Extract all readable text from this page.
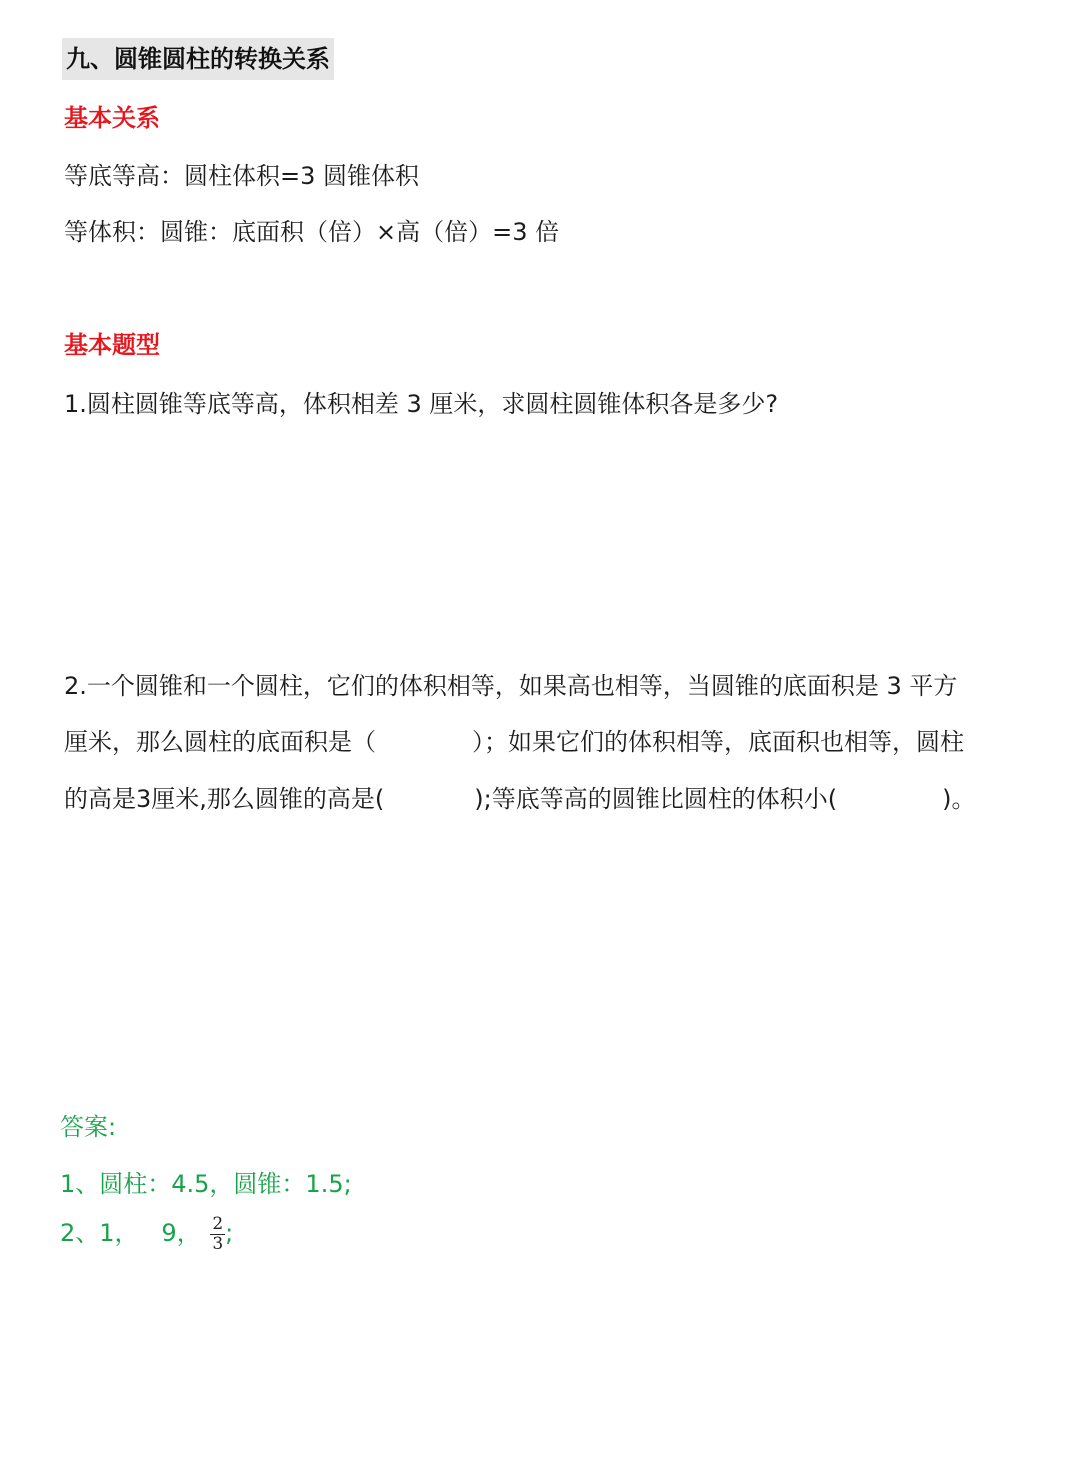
九、圆锥圆柱的转换关系
基本关系
等底等高：圆柱体积=3 圆锥体积
等体积：圆锥：底面积（倍）×高（倍）=3 倍
基本题型
1.圆柱圆锥等底等高，体积相差 3 厘米，求圆柱圆锥体积各是多少?
2.一个圆锥和一个圆柱，它们的体积相等，如果高也相等，当圆锥的底面积是 3 平方
厘米，那么圆柱的底面积是（	）；如果它们的体积相等，底面积也相等，圆柱
的高是3厘米,那么圆锥的高是(	);等底等高的圆锥比圆柱的体积小(	)。
答案:
1、圆柱：4.5，圆锥：1.5;
2、1，   9， $\frac{2}{3}$ ;
